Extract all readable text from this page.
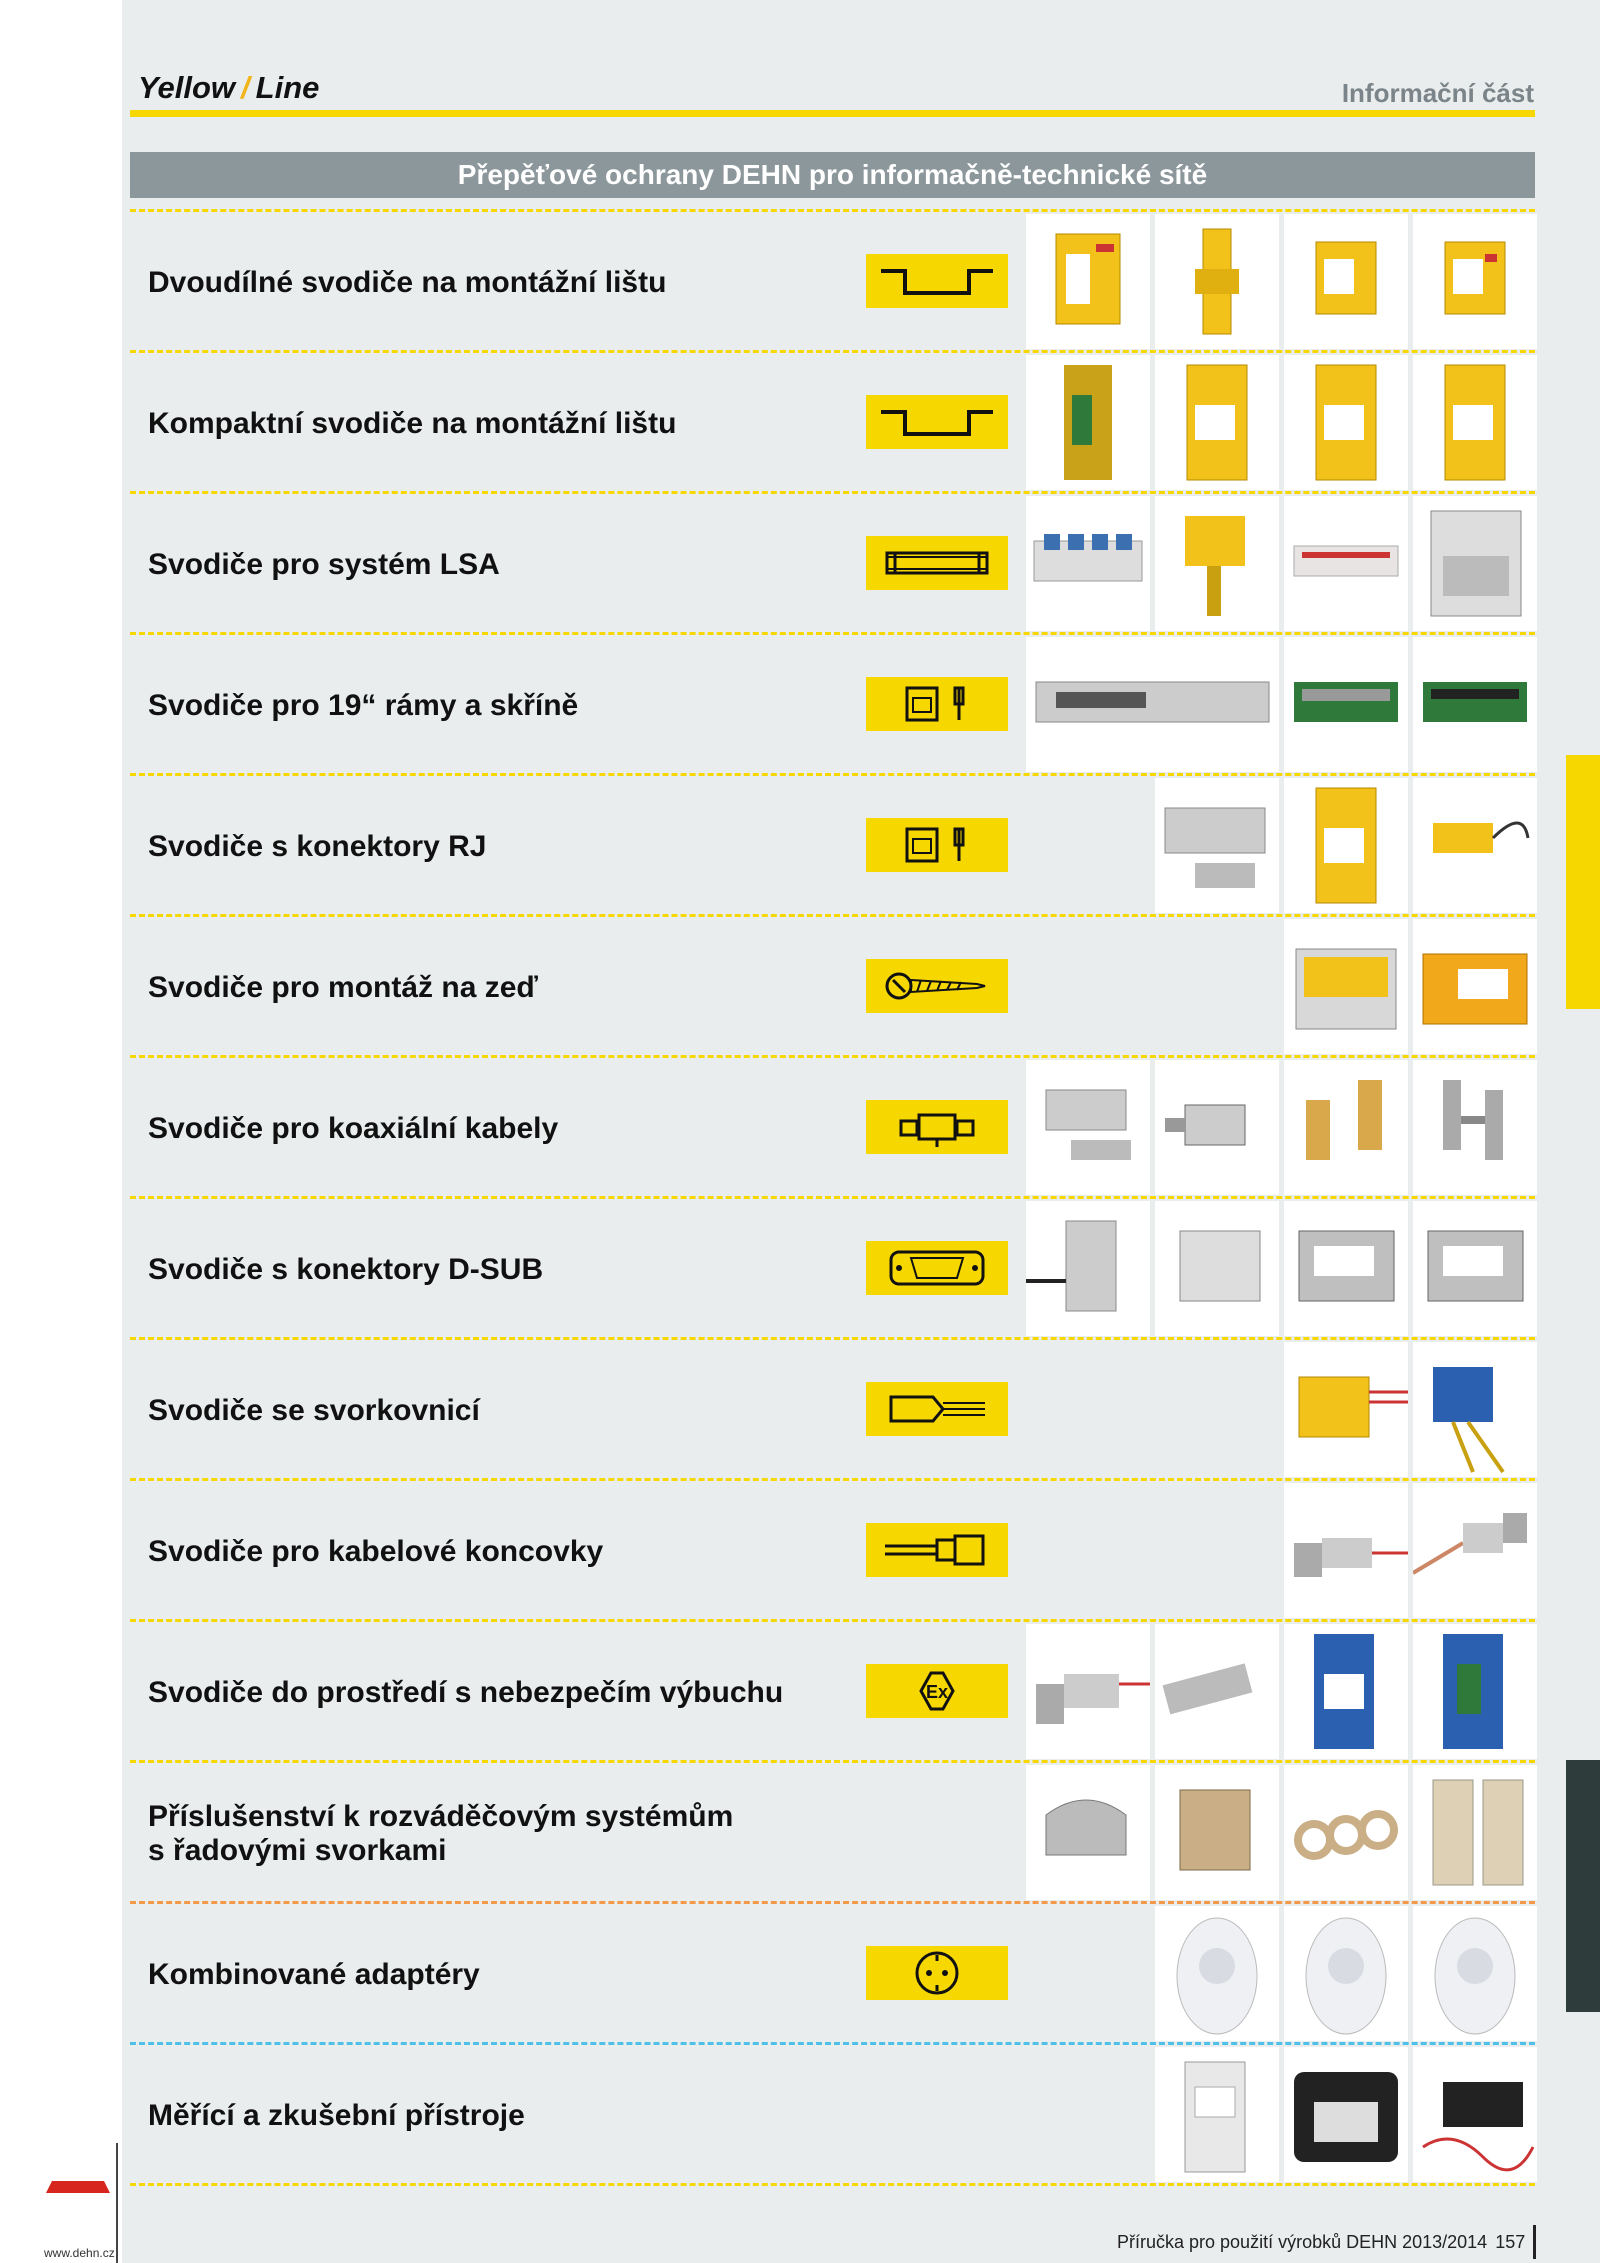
Yellow / Line	Informační část
Přepěťové ochrany DEHN pro informačně-technické sítě
Dvoudílné svodiče na montážní lištu
Kompaktní svodiče na montážní lištu
Svodiče pro systém LSA
Svodiče pro 19“ rámy a skříně
Svodiče s konektory RJ
Svodiče pro montáž na zeď
Svodiče pro koaxiální kabely
Svodiče s konektory D-SUB
Svodiče se svorkovnicí
Svodiče pro kabelové koncovky
Svodiče do prostředí s nebezpečím výbuchu	Ex
Příslušenství k rozváděčovým systémům
s řadovými svorkami
Kombinované adaptéry
Měřící a zkušební přístroje
Příručka pro použití výrobků DEHN 2013/2014 157
www.dehn.cz
